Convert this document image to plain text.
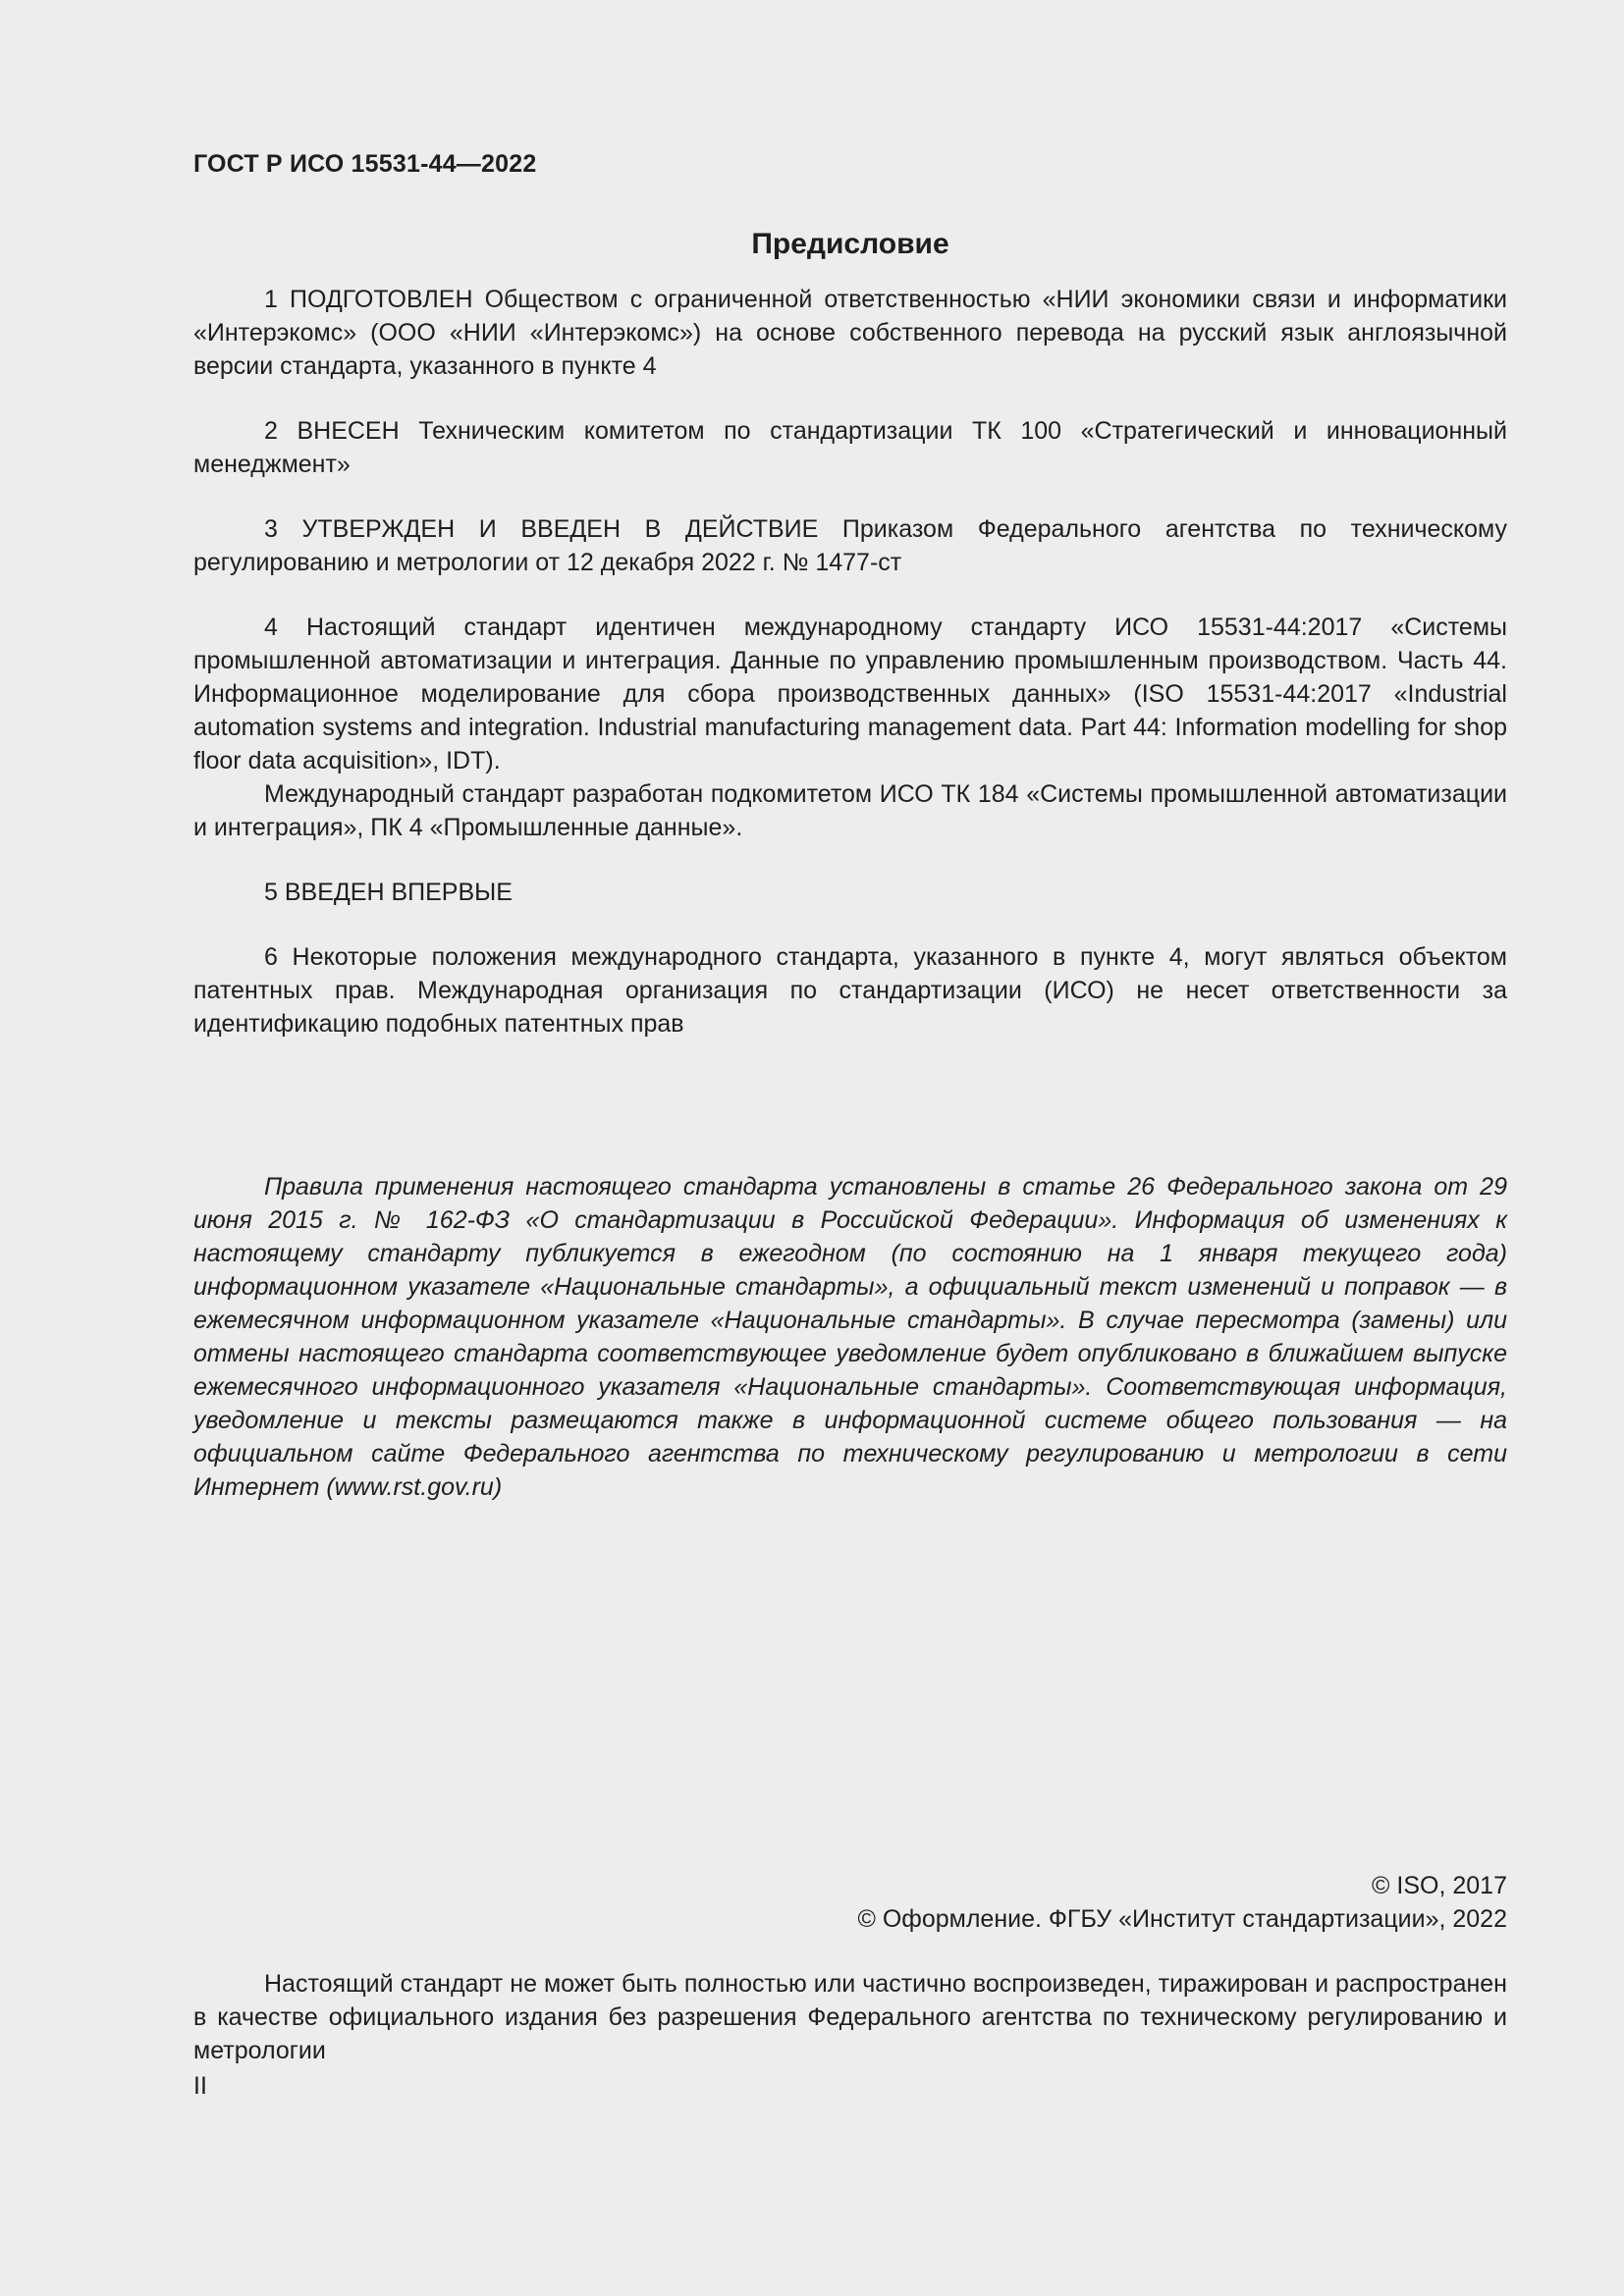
ГОСТ Р ИСО 15531-44—2022

Предисловие

1 ПОДГОТОВЛЕН Обществом с ограниченной ответственностью «НИИ экономики связи и информатики «Интерэкомс» (ООО «НИИ «Интерэкомс») на основе собственного перевода на русский язык англоязычной версии стандарта, указанного в пункте 4

2 ВНЕСЕН Техническим комитетом по стандартизации ТК 100 «Стратегический и инновационный менеджмент»

3 УТВЕРЖДЕН И ВВЕДЕН В ДЕЙСТВИЕ Приказом Федерального агентства по техническому регулированию и метрологии от 12 декабря 2022 г. № 1477-ст

4 Настоящий стандарт идентичен международному стандарту ИСО 15531-44:2017 «Системы промышленной автоматизации и интеграция. Данные по управлению промышленным производством. Часть 44. Информационное моделирование для сбора производственных данных» (ISO 15531-44:2017 «Industrial automation systems and integration. Industrial manufacturing management data. Part 44: Information modelling for shop floor data acquisition», IDT).

Международный стандарт разработан подкомитетом ИСО ТК 184 «Системы промышленной автоматизации и интеграция», ПК 4 «Промышленные данные».

5 ВВЕДЕН ВПЕРВЫЕ

6 Некоторые положения международного стандарта, указанного в пункте 4, могут являться объектом патентных прав. Международная организация по стандартизации (ИСО) не несет ответственности за идентификацию подобных патентных прав

Правила применения настоящего стандарта установлены в статье 26 Федерального закона от 29 июня 2015 г. № 162-ФЗ «О стандартизации в Российской Федерации». Информация об изменениях к настоящему стандарту публикуется в ежегодном (по состоянию на 1 января текущего года) информационном указателе «Национальные стандарты», а официальный текст изменений и поправок — в ежемесячном информационном указателе «Национальные стандарты». В случае пересмотра (замены) или отмены настоящего стандарта соответствующее уведомление будет опубликовано в ближайшем выпуске ежемесячного информационного указателя «Национальные стандарты». Соответствующая информация, уведомление и тексты размещаются также в информационной системе общего пользования — на официальном сайте Федерального агентства по техническому регулированию и метрологии в сети Интернет (www.rst.gov.ru)

© ISO, 2017

© Оформление. ФГБУ «Институт стандартизации», 2022

Настоящий стандарт не может быть полностью или частично воспроизведен, тиражирован и распространен в качестве официального издания без разрешения Федерального агентства по техническому регулированию и метрологии

II
